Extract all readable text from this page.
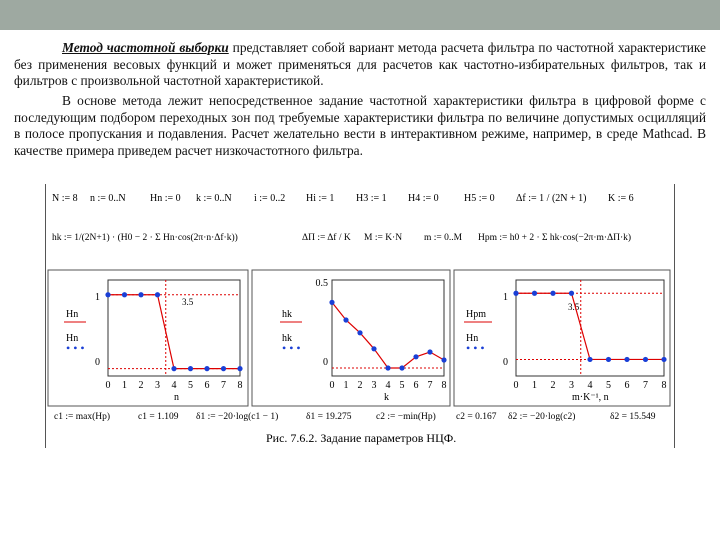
Метод частотной выборки представляет собой вариант метода расчета фильтра по частотной характеристике без применения весовых функций и может применяться для расчетов как частотно-избирательных фильтров, так и фильтров с произвольной частотной характеристикой.

В основе метода лежит непосредственное задание частотной характеристики фильтра в цифровой форме с последующим подбором переходных зон под требуемые характеристики фильтра по величине допустимых осцилляций в полосе пропускания и подавления. Расчет желательно вести в интерактивном режиме, например, в среде Mathcad. В качестве примера приведем расчет низкочастотного фильтра.

N := 8 n := 0..N Hn := 0 k := 0..N i := 0..2 Hi := 1 H3 := 1 H4 := 0	H5 := 0 Δf := 1 / (2N + 1) K := 6
hk := 1/(2N+1) · (H0 − 2 · Σ Hn·cos(2π·n·Δf·k))	ΔΠ := Δf / K M := K·N m := 0..M Hpm := h0 + 2 · Σ hk·cos(−2π·m·ΔΠ·k)
Hn
Hn
• • •
1
0
3.5
0 1 2 3 4 5 6 7 8
n
hk
hk
• • •
0.5
0
0 1 2 3 4 5 6 7 8
k
Hpm
Hn
• • •
1
0
3.5
0 1 2 3 4 5 6 7 8
m·K⁻¹, n
c1 := max(Hp)	c1 = 1.109 δ1 := −20·log(c1 − 1)	δ1 = 19.275	c2 := −min(Hp) c2 = 0.167 δ2 := −20·log(c2)	δ2 = 15.549
Рис. 7.6.2. Задание параметров НЦФ.
